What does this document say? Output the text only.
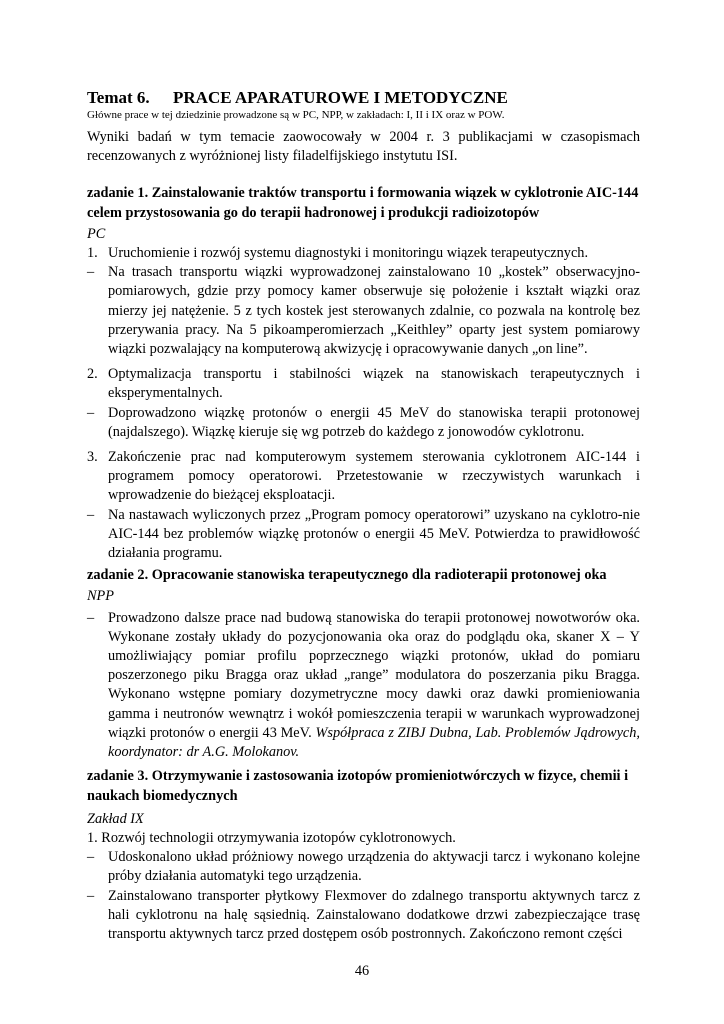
Temat 6.	PRACE APARATUROWE I METODYCZNE

Główne prace w tej dziedzinie prowadzone są w PC, NPP, w zakładach: I, II i IX oraz w POW.

Wyniki badań w tym temacie zaowocowały w 2004 r. 3 publikacjami w czasopismach recenzowanych z wyróżnionej listy filadelfijskiego instytutu ISI.

zadanie 1. Zainstalowanie traktów transportu i formowania wiązek w cyklotronie AIC-144 celem przystosowania go do terapii hadronowej i produkcji radioizotopów

PC

1. Uruchomienie i rozwój systemu diagnostyki i monitoringu wiązek terapeutycznych.
– Na trasach transportu wiązki wyprowadzonej zainstalowano 10 „kostek” obserwacyjno-pomiarowych, gdzie przy pomocy kamer obserwuje się położenie i kształt wiązki oraz mierzy jej natężenie. 5 z tych kostek jest sterowanych zdalnie, co pozwala na kontrolę bez przerywania pracy. Na 5 pikoamperomierzach „Keithley” oparty jest system pomiarowy wiązki pozwalający na komputerową akwizycję i opracowywanie danych „on line”.
2. Optymalizacja transportu i stabilności wiązek na stanowiskach terapeutycznych i eksperymentalnych.
– Doprowadzono wiązkę protonów o energii 45 MeV do stanowiska terapii protonowej (najdalszego). Wiązkę kieruje się wg potrzeb do każdego z jonowodów cyklotronu.
3. Zakończenie prac nad komputerowym systemem sterowania cyklotronem AIC-144 i programem pomocy operatorowi. Przetestowanie w rzeczywistych warunkach i wprowadzenie do bieżącej eksploatacji.
– Na nastawach wyliczonych przez „Program pomocy operatorowi” uzyskano na cyklotro-nie AIC-144 bez problemów wiązkę protonów o energii 45 MeV. Potwierdza to prawidłowość działania programu.

zadanie 2. Opracowanie stanowiska terapeutycznego dla radioterapii protonowej oka

NPP

– Prowadzono dalsze prace nad budową stanowiska do terapii protonowej nowotworów oka. Wykonane zostały układy do pozycjonowania oka oraz do podglądu oka, skaner X – Y umożliwiający pomiar profilu poprzecznego wiązki protonów, układ do pomiaru poszerzonego piku Bragga oraz układ „range” modulatora do poszerzania piku Bragga. Wykonano wstępne pomiary dozymetryczne mocy dawki oraz dawki promieniowania gamma i neutronów wewnątrz i wokół pomieszczenia terapii w warunkach wyprowadzonej wiązki protonów o energii 43 MeV. Współpraca z ZIBJ Dubna, Lab. Problemów Jądrowych, koordynator: dr A.G. Molokanov.

zadanie 3. Otrzymywanie i zastosowania izotopów promieniotwórczych w fizyce, chemii i naukach biomedycznych

Zakład IX

1. Rozwój technologii otrzymywania izotopów cyklotronowych.

– Udoskonalono układ próżniowy nowego urządzenia do aktywacji tarcz i wykonano kolejne próby działania automatyki tego urządzenia.
– Zainstalowano transporter płytkowy Flexmover do zdalnego transportu aktywnych tarcz z hali cyklotronu na halę sąsiednią. Zainstalowano dodatkowe drzwi zabezpieczające trasę transportu aktywnych tarcz przed dostępem osób postronnych. Zakończono remont części
46
